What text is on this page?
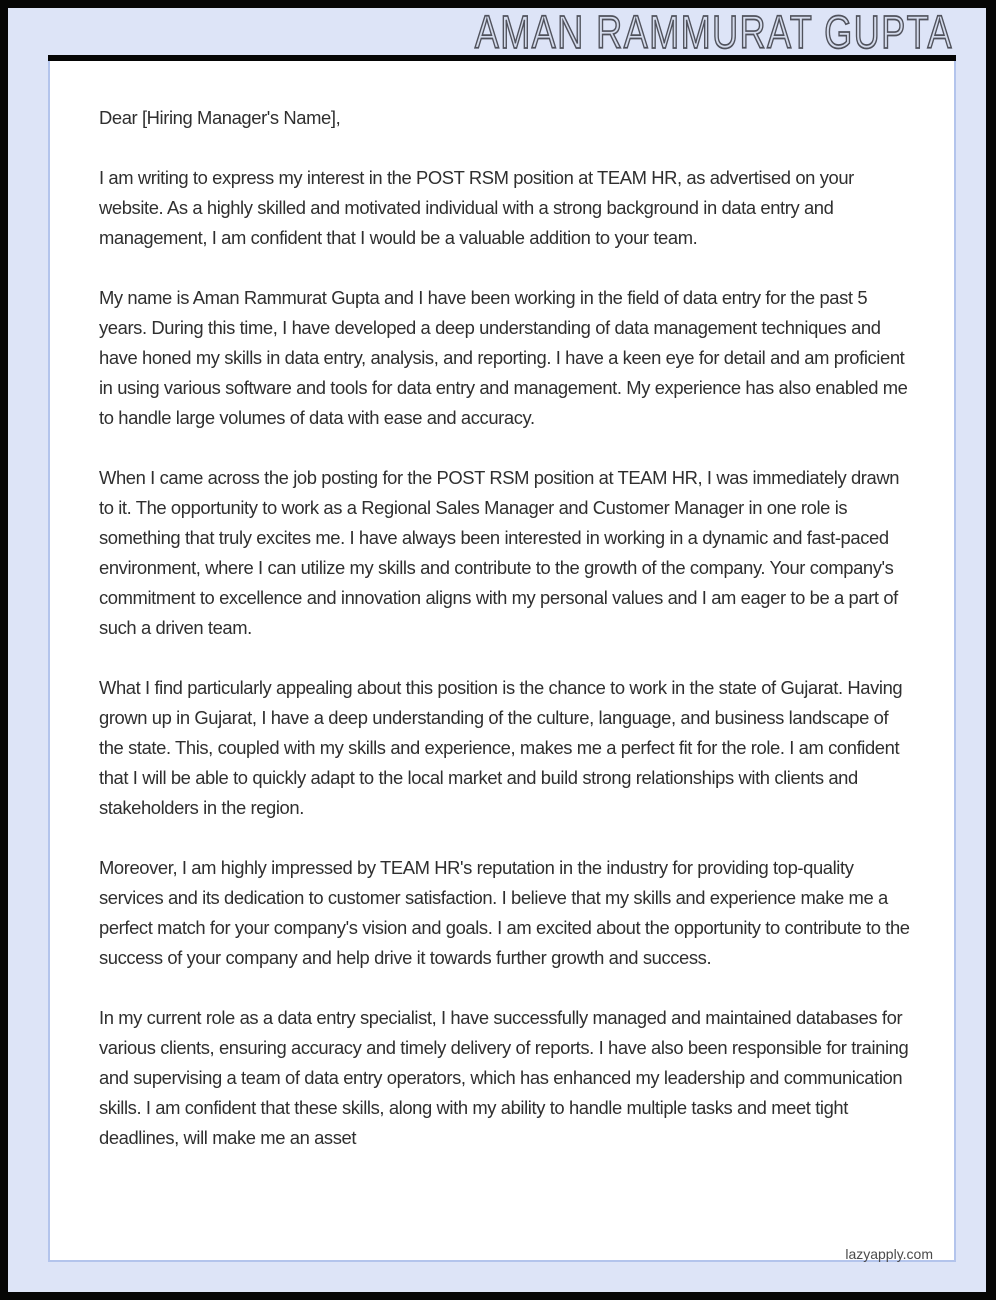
AMAN RAMMURAT GUPTA

Dear [Hiring Manager's Name],

I am writing to express my interest in the POST RSM position at TEAM HR, as advertised on your website. As a highly skilled and motivated individual with a strong background in data entry and management, I am confident that I would be a valuable addition to your team.

My name is Aman Rammurat Gupta and I have been working in the field of data entry for the past 5 years. During this time, I have developed a deep understanding of data management techniques and have honed my skills in data entry, analysis, and reporting. I have a keen eye for detail and am proficient in using various software and tools for data entry and management. My experience has also enabled me to handle large volumes of data with ease and accuracy.

When I came across the job posting for the POST RSM position at TEAM HR, I was immediately drawn to it. The opportunity to work as a Regional Sales Manager and Customer Manager in one role is something that truly excites me. I have always been interested in working in a dynamic and fast-paced environment, where I can utilize my skills and contribute to the growth of the company. Your company's commitment to excellence and innovation aligns with my personal values and I am eager to be a part of such a driven team.

What I find particularly appealing about this position is the chance to work in the state of Gujarat. Having grown up in Gujarat, I have a deep understanding of the culture, language, and business landscape of the state. This, coupled with my skills and experience, makes me a perfect fit for the role. I am confident that I will be able to quickly adapt to the local market and build strong relationships with clients and stakeholders in the region.

Moreover, I am highly impressed by TEAM HR's reputation in the industry for providing top-quality services and its dedication to customer satisfaction. I believe that my skills and experience make me a perfect match for your company's vision and goals. I am excited about the opportunity to contribute to the success of your company and help drive it towards further growth and success.

In my current role as a data entry specialist, I have successfully managed and maintained databases for various clients, ensuring accuracy and timely delivery of reports. I have also been responsible for training and supervising a team of data entry operators, which has enhanced my leadership and communication skills. I am confident that these skills, along with my ability to handle multiple tasks and meet tight deadlines, will make me an asset

lazyapply.com
